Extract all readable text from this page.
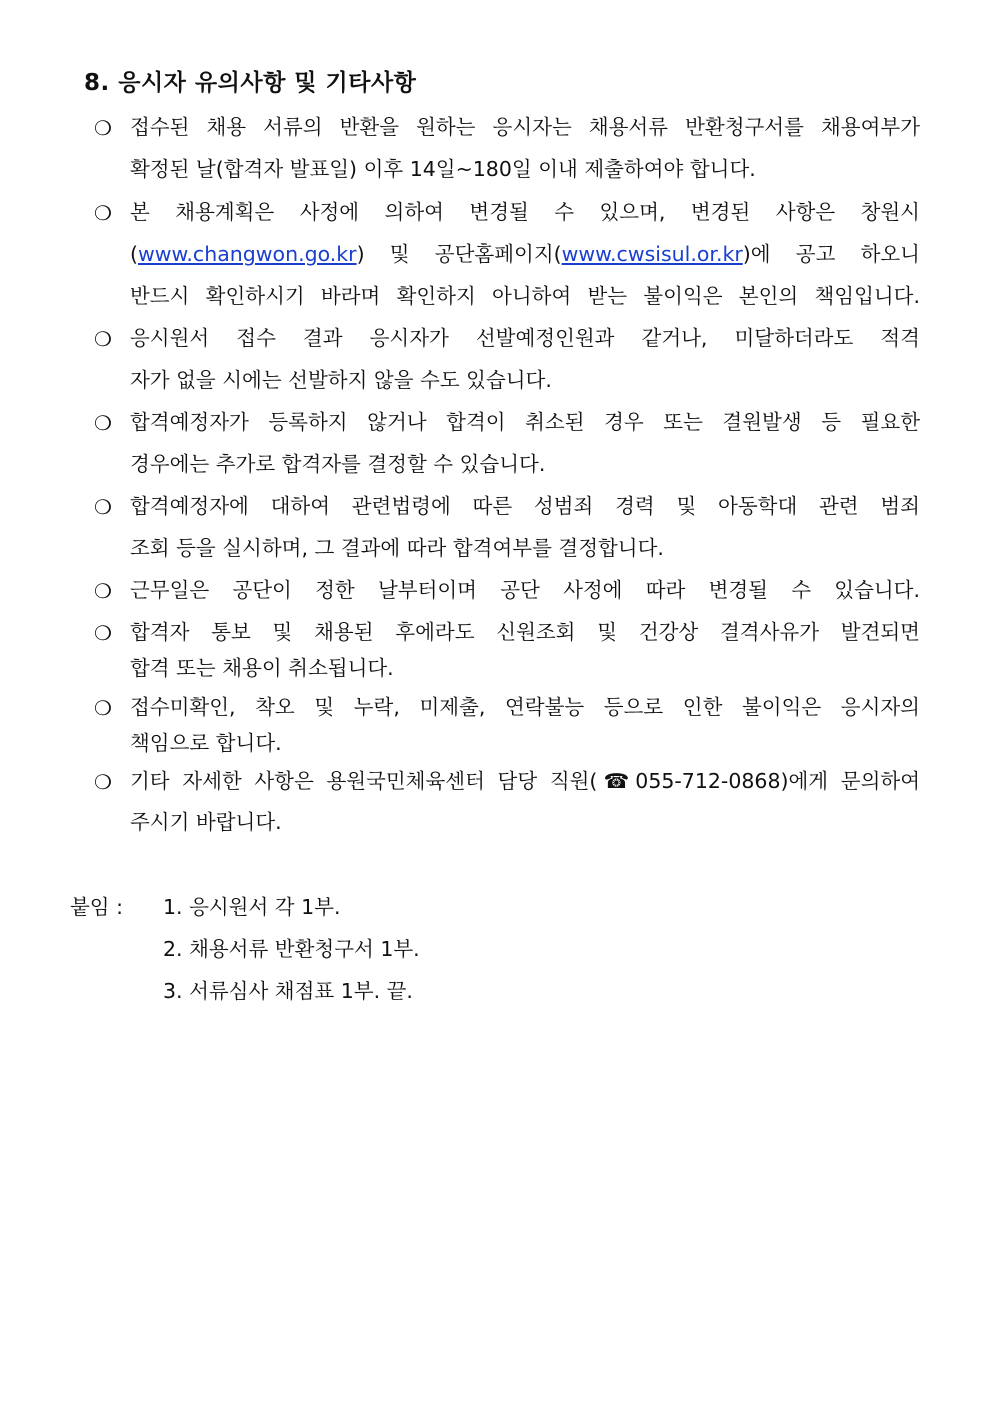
8. 응시자 유의사항 및 기타사항
❍ 접수된 채용 서류의 반환을 원하는 응시자는 채용서류 반환청구서를 채용여부가
확정된 날(합격자 발표일) 이후 14일~180일 이내 제출하여야 합니다.
❍ 본 채용계획은 사정에 의하여 변경될 수 있으며, 변경된 사항은 창원시
(www.changwon.go.kr) 및 공단홈페이지(www.cwsisul.or.kr)에 공고 하오니
반드시 확인하시기 바라며 확인하지 아니하여 받는 불이익은 본인의 책임입니다.
❍ 응시원서 접수 결과 응시자가 선발예정인원과 같거나, 미달하더라도 적격
자가 없을 시에는 선발하지 않을 수도 있습니다.
❍ 합격예정자가 등록하지 않거나 합격이 취소된 경우 또는 결원발생 등 필요한
경우에는 추가로 합격자를 결정할 수 있습니다.
❍ 합격예정자에 대하여 관련법령에 따른 성범죄 경력 및 아동학대 관련 범죄
조회 등을 실시하며, 그 결과에 따라 합격여부를 결정합니다.
❍ 근무일은 공단이 정한 날부터이며 공단 사정에 따라 변경될 수 있습니다.
❍ 합격자 통보 및 채용된 후에라도 신원조회 및 건강상 결격사유가 발견되면
합격 또는 채용이 취소됩니다.
❍ 접수미확인, 착오 및 누락, 미제출, 연락불능 등으로 인한 불이익은 응시자의
책임으로 합니다.
❍ 기타 자세한 사항은 용원국민체육센터 담당 직원(☎055-712-0868)에게 문의하여
주시기 바랍니다.
붙임 : 1. 응시원서 각 1부.
2. 채용서류 반환청구서 1부.
3. 서류심사 채점표 1부. 끝.
